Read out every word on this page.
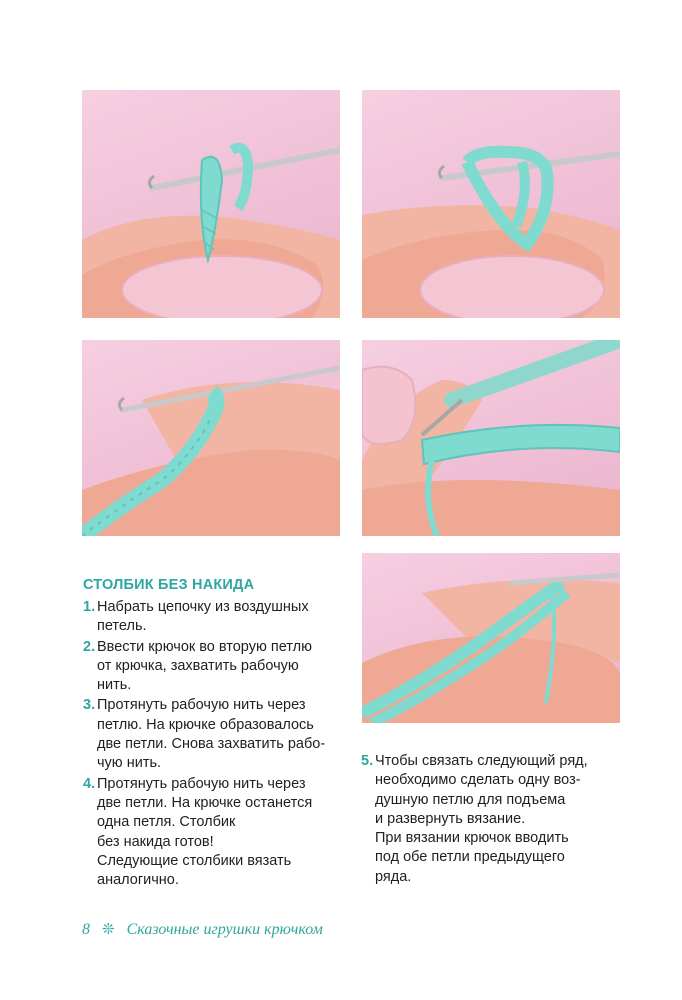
СТОЛБИК БЕЗ НАКИДА
1. Набрать цепочку из воздушных
петель.
2. Ввести крючок во вторую петлю
от крючка, захватить рабочую
нить.
3. Протянуть рабочую нить через
петлю. На крючке образовалось
две петли. Снова захватить рабо-
чую нить.
4. Протянуть рабочую нить через
две петли. На крючке останется
одна петля. Столбик
без накида готов!
Следующие столбики вязать
аналогично.
5. Чтобы связать следующий ряд,
необходимо сделать одну воз-
душную петлю для подъема
и развернуть вязание.
При вязании крючок вводить
под обе петли предыдущего
ряда.
8 ❊ Сказочные игрушки крючком
